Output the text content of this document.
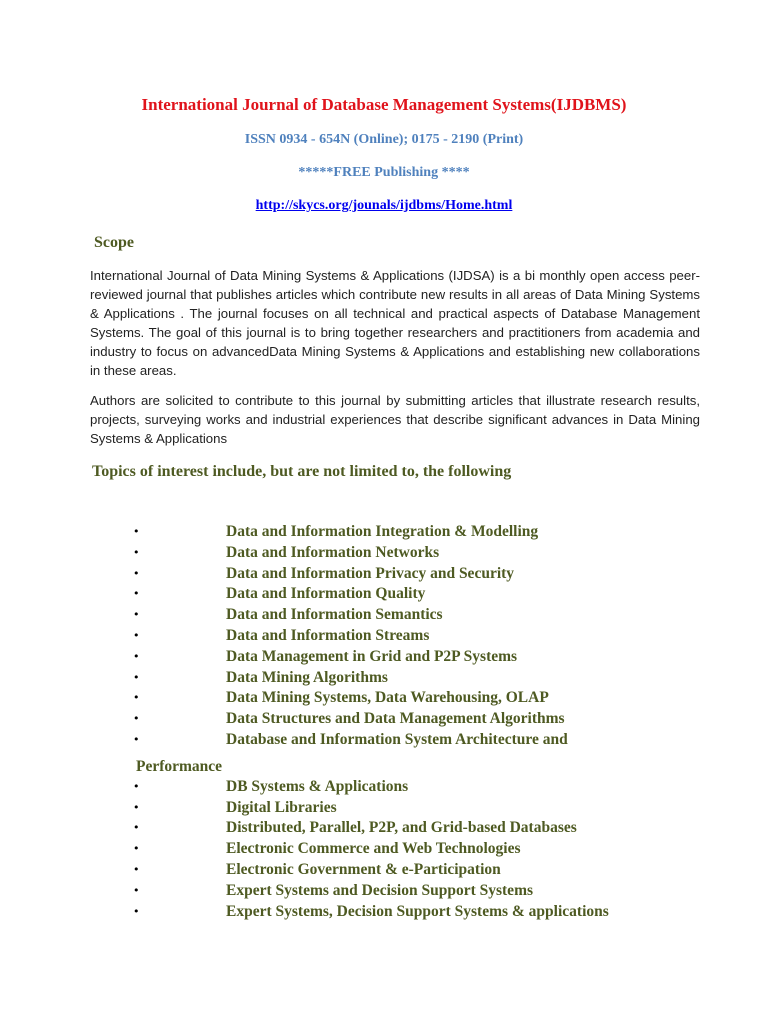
International Journal of Database Management Systems(IJDBMS)
ISSN 0934 - 654N (Online); 0175 - 2190 (Print)
*****FREE Publishing ****
http://skycs.org/jounals/ijdbms/Home.html
Scope
International Journal of Data Mining Systems & Applications (IJDSA) is a bi monthly open access peer-reviewed journal that publishes articles which contribute new results in all areas of Data Mining Systems & Applications . The journal focuses on all technical and practical aspects of Database Management Systems. The goal of this journal is to bring together researchers and practitioners from academia and industry to focus on advancedData Mining Systems & Applications and establishing new collaborations in these areas.
Authors are solicited to contribute to this journal by submitting articles that illustrate research results, projects, surveying works and industrial experiences that describe significant advances in Data Mining Systems & Applications
Topics of interest include, but are not limited to, the following
•	Data and Information Integration & Modelling
•	Data and Information Networks
•	Data and Information Privacy and Security
•	Data and Information Quality
•	Data and Information Semantics
•	Data and Information Streams
•	Data Management in Grid and P2P Systems
•	Data Mining Algorithms
•	Data Mining Systems, Data Warehousing, OLAP
•	Data Structures and Data Management Algorithms
•	Database and Information System Architecture and
Performance
•	DB Systems & Applications
•	Digital Libraries
•	Distributed, Parallel, P2P, and Grid-based Databases
•	Electronic Commerce and Web Technologies
•	Electronic Government & e-Participation
•	Expert Systems and Decision Support Systems
•	Expert Systems, Decision Support Systems & applications
